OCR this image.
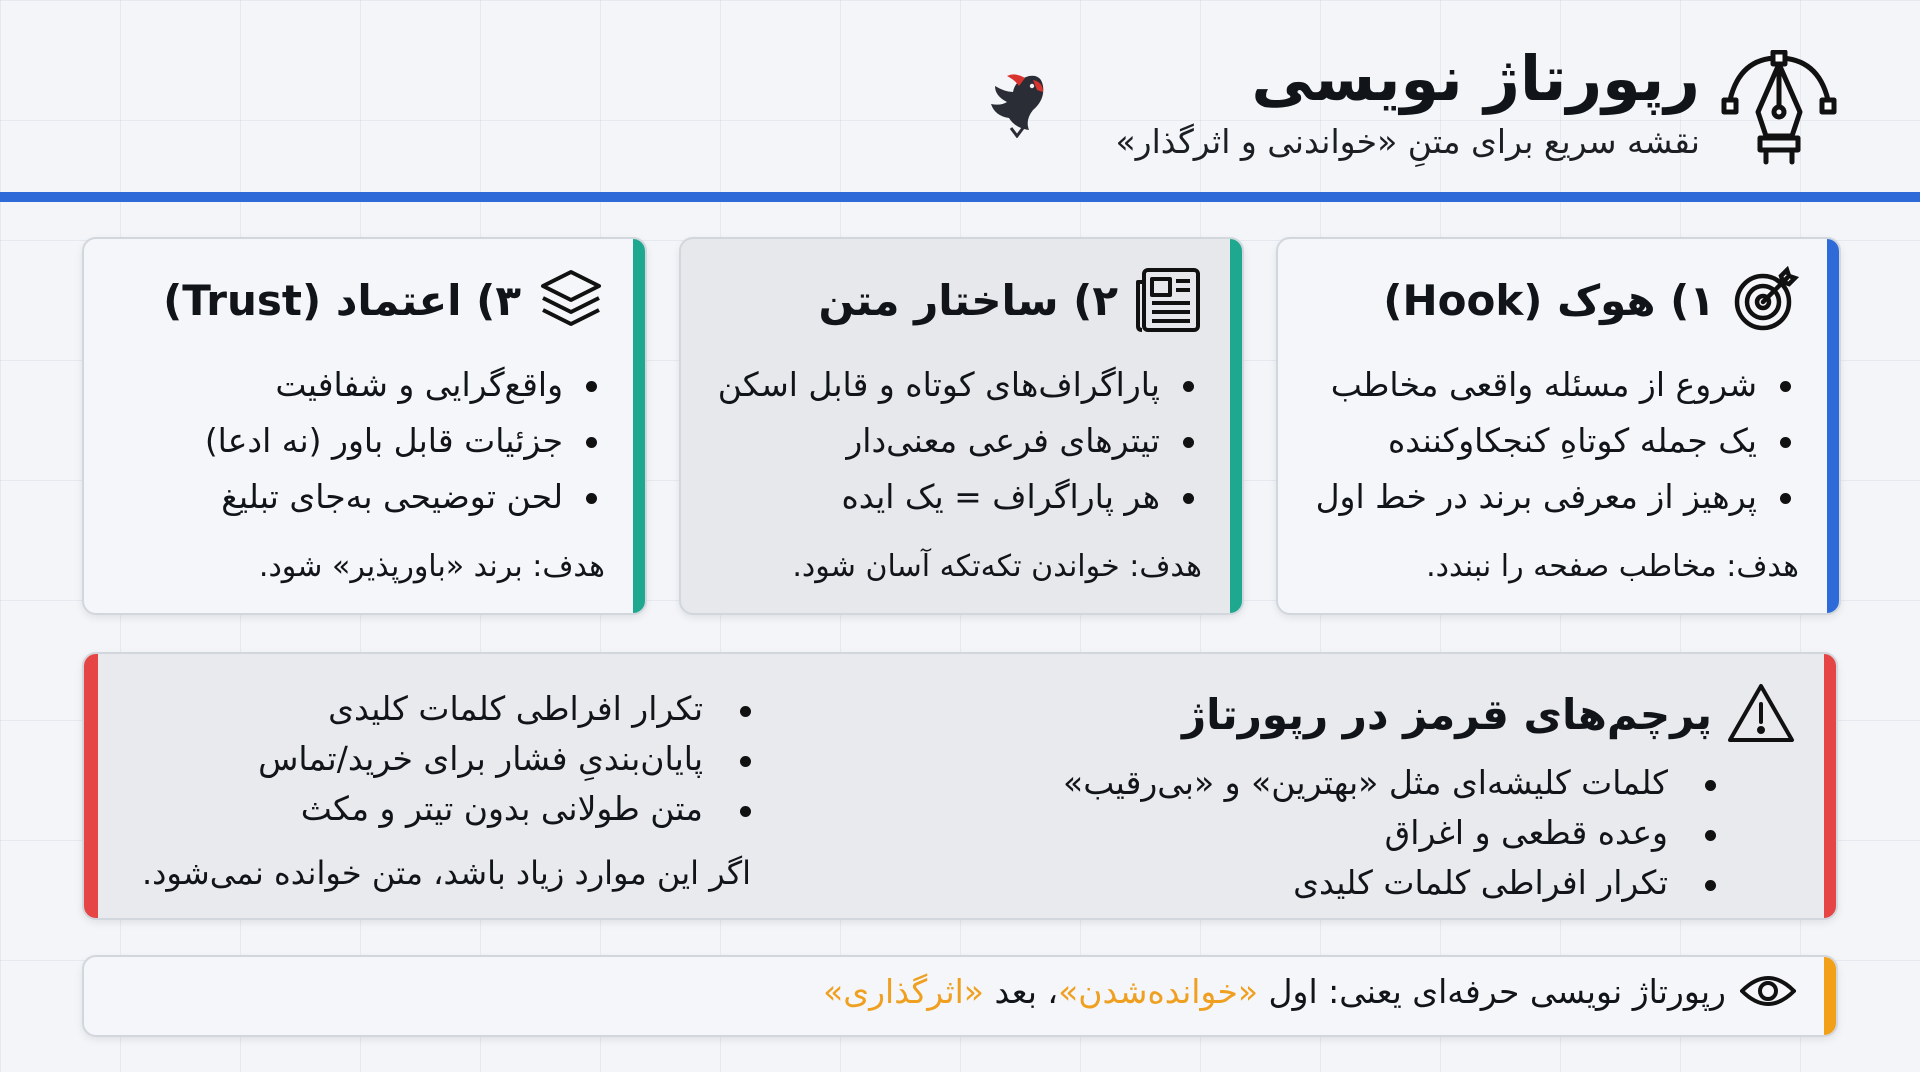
رپورتاژ نویسی
نقشه سریع برای متنِ «خواندنی و اثرگذار»
۱) هوک (Hook)
شروع از مسئله واقعی مخاطب
یک جمله کوتاهِ کنجکاوکننده
پرهیز از معرفی برند در خط اول
هدف: مخاطب صفحه را نبندد.
۲) ساختار متن
پاراگراف‌های کوتاه و قابل اسکن
تیترهای فرعی معنی‌دار
هر پاراگراف = یک ایده
هدف: خواندن تکه‌تکه آسان شود.
۳) اعتماد (Trust)
واقع‌گرایی و شفافیت
جزئیات قابل باور (نه ادعا)
لحن توضیحی به‌جای تبلیغ
هدف: برند «باورپذیر» شود.
پرچم‌های قرمز در رپورتاژ
کلمات کلیشه‌ای مثل «بهترین» و «بی‌رقیب»
وعده قطعی و اغراق
تکرار افراطی کلمات کلیدی
تکرار افراطی کلمات کلیدی
پایان‌بندیِ فشار برای خرید/تماس
متن طولانی بدون تیتر و مکث
اگر این موارد زیاد باشد، متن خوانده نمی‌شود.
رپورتاژ نویسی حرفه‌ای یعنی: اول «خوانده‌شدن»، بعد «اثرگذاری»
